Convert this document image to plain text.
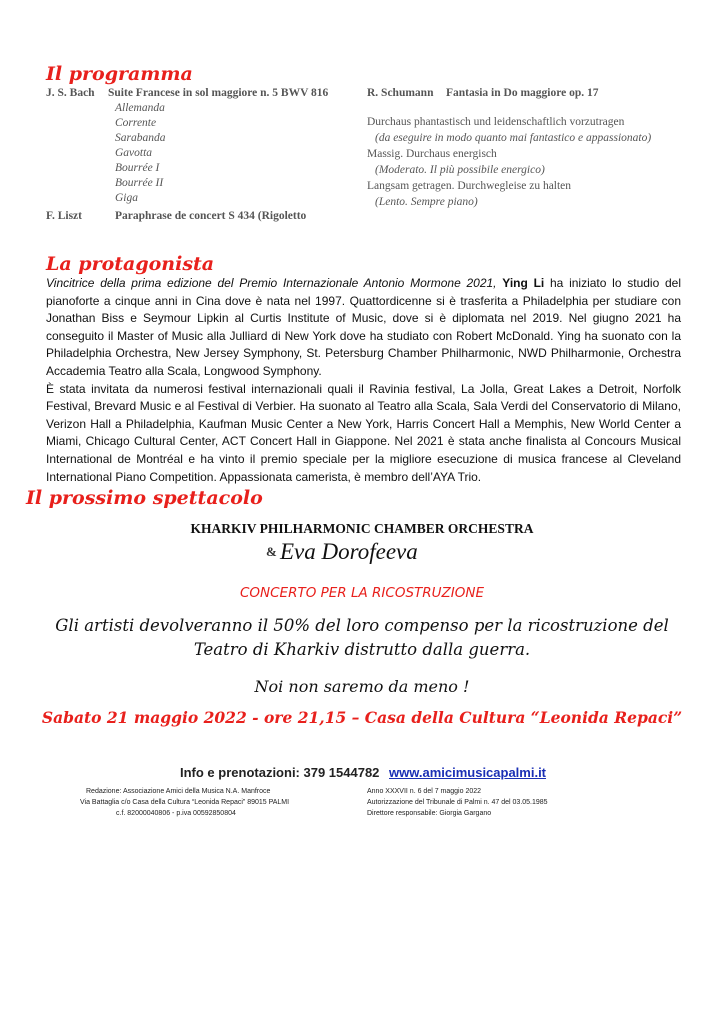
Il programma
J. S. Bach Suite Francese in sol maggiore n. 5 BWV 816
Allemanda
Corrente
Sarabanda
Gavotta
Bourrée I
Bourrée II
Giga
F. Liszt	Paraphrase de concert S 434 (Rigoletto
R. Schumann Fantasia in Do maggiore op. 17
Durchaus phantastisch und leidenschaftlich vorzutragen
(da eseguire in modo quanto mai fantastico e appassionato)
Massig. Durchaus energisch
(Moderato. Il più possibile energico)
Langsam getragen. Durchwegleise zu halten
(Lento. Sempre piano)
La protagonista

Vincitrice della prima edizione del Premio Internazionale Antonio Mormone 2021, Ying Li ha iniziato lo studio del pianoforte a cinque anni in Cina dove è nata nel 1997. Quattordicenne si è trasferita a Philadelphia per studiare con Jonathan Biss e Seymour Lipkin al Curtis Institute of Music, dove si è diplomata nel 2019. Nel giugno 2021 ha conseguito il Master of Music alla Julliard di New York dove ha studiato con Robert McDonald. Ying ha suonato con la Philadelphia Orchestra, New Jersey Symphony, St. Petersburg Chamber Philharmonic, NWD Philharmonie, Orchestra Accademia Teatro alla Scala, Longwood Symphony.

È stata invitata da numerosi festival internazionali quali il Ravinia festival, La Jolla, Great Lakes a Detroit, Norfolk Festival, Brevard Music e al Festival di Verbier. Ha suonato al Teatro alla Scala, Sala Verdi del Conservatorio di Milano, Verizon Hall a Philadelphia, Kaufman Music Center a New York, Harris Concert Hall a Memphis, New World Center a Miami, Chicago Cultural Center, ACT Concert Hall in Giappone. Nel 2021 è stata anche finalista al Concours Musical International de Montréal e ha vinto il premio speciale per la migliore esecuzione di musica francese al Cleveland International Piano Competition. Appassionata camerista, è membro dell’AYA Trio.

Il prossimo spettacolo
KHARKIV PHILHARMONIC CHAMBER ORCHESTRA
& Eva Dorofeeva
CONCERTO PER LA RICOSTRUZIONE
Gli artisti devolveranno il 50% del loro compenso per la ricostruzione del
Teatro di Kharkiv distrutto dalla guerra.
Noi non saremo da meno !
Sabato 21 maggio 2022 - ore 21,15 – Casa della Cultura “Leonida Repaci”
Info e prenotazioni: 379 1544782 www.amicimusicapalmi.it
Redazione: Associazione Amici della Musica N.A. Manfroce
Via Battaglia c/o Casa della Cultura “Leonida Repaci” 89015 PALMI
c.f. 82000040806 - p.iva 00592850804
Anno XXXVII n. 6 del 7 maggio 2022
Autorizzazione del Tribunale di Palmi n. 47 del 03.05.1985
Direttore responsabile: Giorgia Gargano
